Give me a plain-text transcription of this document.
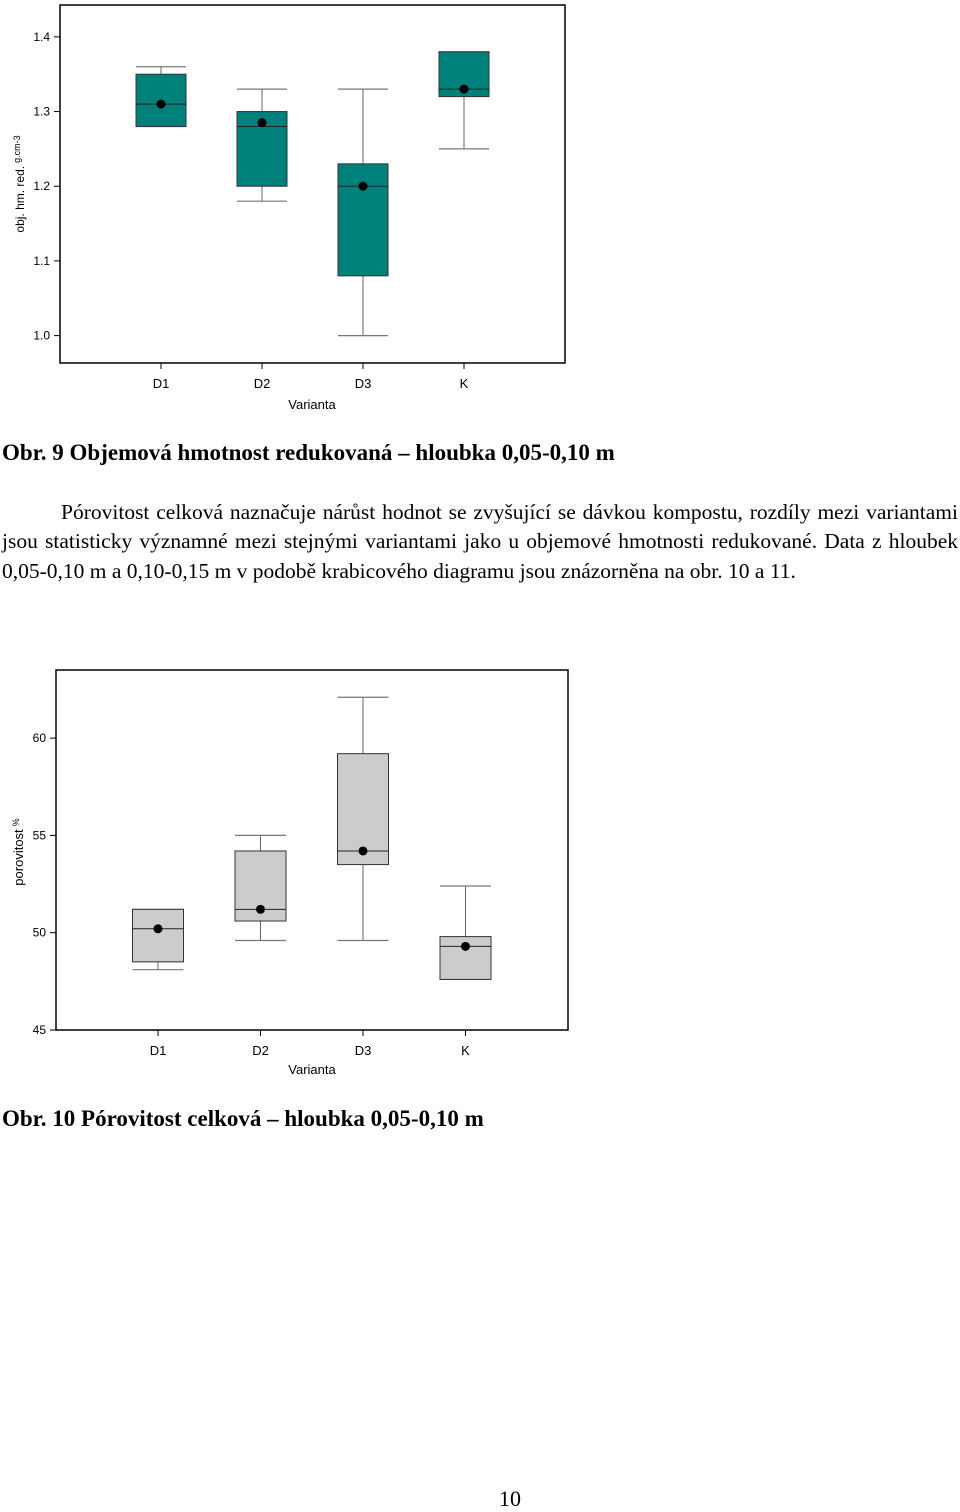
1.0
1.1
1.2
1.3
1.4
D1	D2	D3	K
Varianta
obj. hm. red.$^{g.cm-3}$
Obr. 9 Objemová hmotnost redukovaná – hloubka 0,05-0,10 m
Pórovitost celková naznačuje nárůst hodnot se zvyšující se dávkou kompostu, rozdíly mezi variantami jsou statisticky významné mezi stejnými variantami jako u objemové hmotnosti redukované. Data z hloubek 0,05-0,10 m a 0,10-0,15 m v podobě krabicového diagramu jsou znázorněna na obr. 10 a 11.
45
50
55
60
D1	D2	D3	K
Varianta
porovitost%
Obr. 10 Pórovitost celková – hloubka 0,05-0,10 m
10
